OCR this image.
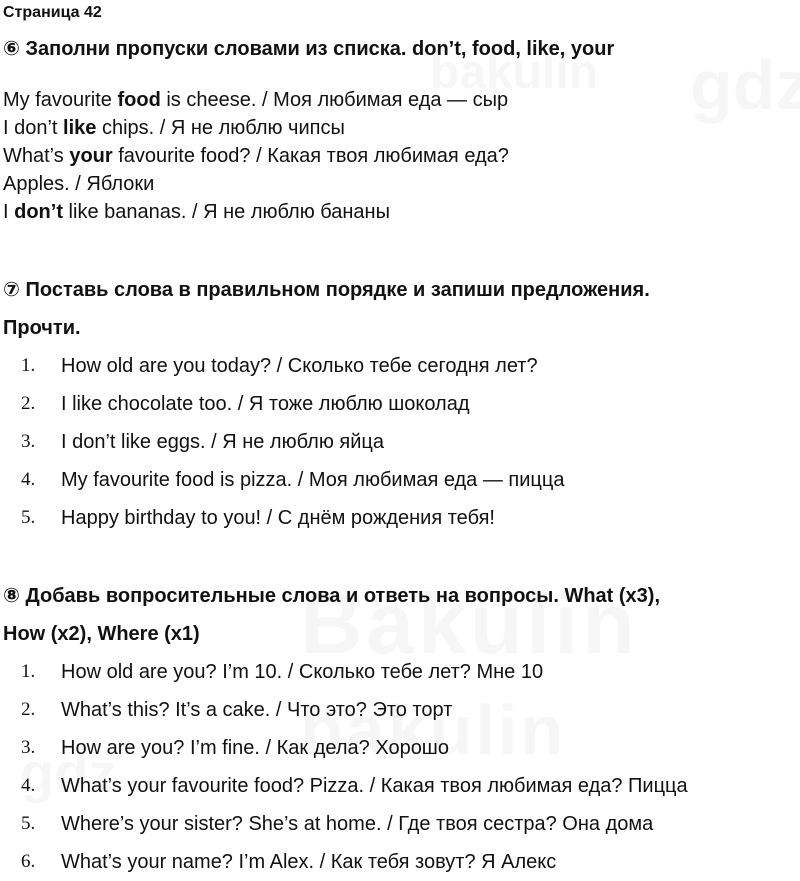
Страница 42

⑥ Заполни пропуски словами из списка. don’t, food, like, your

My favourite food is cheese. / Моя любимая еда — сыр

I don’t like chips. / Я не люблю чипсы

What’s your favourite food? / Какая твоя любимая еда?

Apples. / Яблоки

I don’t like bananas. / Я не люблю бананы

⑦ Поставь слова в правильном порядке и запиши предложения.

Прочти.

1.	How old are you today? / Сколько тебе сегодня лет?
2.	I like chocolate too. / Я тоже люблю шоколад
3.	I don’t like eggs. / Я не люблю яйца
4.	My favourite food is pizza. / Моя любимая еда — пицца
5.	Happy birthday to you! / С днём рождения тебя!

⑧ Добавь вопросительные слова и ответь на вопросы. What (x3),

How (x2), Where (x1)

1.	How old are you? I’m 10. / Сколько тебе лет? Мне 10
2.	What’s this? It’s a cake. / Что это? Это торт
3.	How are you? I’m fine. / Как дела? Хорошо
4.	What’s your favourite food? Pizza. / Какая твоя любимая еда? Пицца
5.	Where’s your sister? She’s at home. / Где твоя сестра? Она дома
6.	What’s your name? I’m Alex. / Как тебя зовут? Я Алекс
